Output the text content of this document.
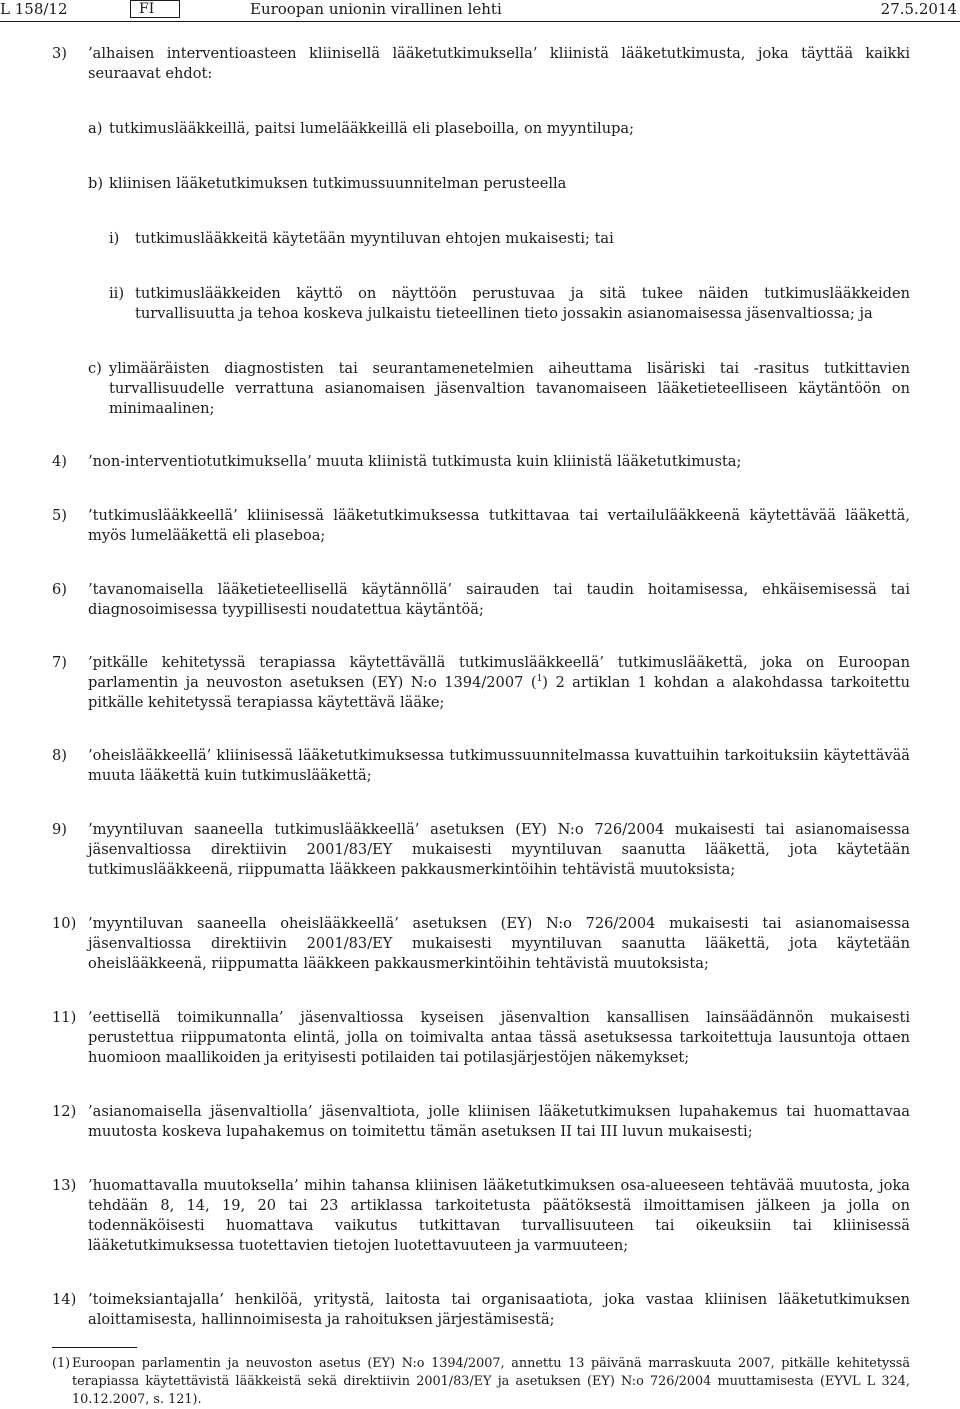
L 158/12	FI	Euroopan unionin virallinen lehti	27.5.2014
3)	’alhaisen interventioasteen kliinisellä lääketutkimuksella’ kliinistä lääketutkimusta, joka täyttää kaikki seuraavat ehdot:
a) tutkimuslääkkeillä, paitsi lumelääkkeillä eli plaseboilla, on myyntilupa;
b) kliinisen lääketutkimuksen tutkimussuunnitelman perusteella
i)	tutkimuslääkkeitä käytetään myyntiluvan ehtojen mukaisesti; tai
ii) tutkimuslääkkeiden käyttö on näyttöön perustuvaa ja sitä tukee näiden tutkimuslääkkeiden turvallisuutta ja tehoa koskeva julkaistu tieteellinen tieto jossakin asianomaisessa jäsenvaltiossa; ja
c) ylimääräisten diagnostisten tai seurantamenetelmien aiheuttama lisäriski tai -rasitus tutkittavien turvallisuudelle verrattuna asianomaisen jäsenvaltion tavanomaiseen lääketieteelliseen käytäntöön on minimaalinen;
4)	’non-interventiotutkimuksella’ muuta kliinistä tutkimusta kuin kliinistä lääketutkimusta;
5)	’tutkimuslääkkeellä’ kliinisessä lääketutkimuksessa tutkittavaa tai vertailulääkkeenä käytettävää lääkettä, myös lumelääkettä eli plaseboa;
6)	’tavanomaisella lääketieteellisellä käytännöllä’ sairauden tai taudin hoitamisessa, ehkäisemisessä tai diagnosoimisessa tyypillisesti noudatettua käytäntöä;
7)	’pitkälle kehitetyssä terapiassa käytettävällä tutkimuslääkkeellä’ tutkimuslääkettä, joka on Euroopan parlamentin ja neuvoston asetuksen (EY) N:o 1394/2007 ($^1$) 2 artiklan 1 kohdan a alakohdassa tarkoitettu pitkälle kehitetyssä terapiassa käytettävä lääke;
8)	’oheislääkkeellä’ kliinisessä lääketutkimuksessa tutkimussuunnitelmassa kuvattuihin tarkoituksiin käytettävää muuta lääkettä kuin tutkimuslääkettä;
9)	’myyntiluvan saaneella tutkimuslääkkeellä’ asetuksen (EY) N:o 726/2004 mukaisesti tai asianomaisessa jäsenvaltiossa direktiivin 2001/83/EY mukaisesti myyntiluvan saanutta lääkettä, jota käytetään tutkimuslääkkeenä, riippumatta lääkkeen pakkausmerkintöihin tehtävistä muutoksista;
10) ’myyntiluvan saaneella oheislääkkeellä’ asetuksen (EY) N:o 726/2004 mukaisesti tai asianomaisessa jäsenvaltiossa direktiivin 2001/83/EY mukaisesti myyntiluvan saanutta lääkettä, jota käytetään oheislääkkeenä, riippumatta lääkkeen pakkausmerkintöihin tehtävistä muutoksista;
11) ’eettisellä toimikunnalla’ jäsenvaltiossa kyseisen jäsenvaltion kansallisen lainsäädännön mukaisesti perustettua riippumatonta elintä, jolla on toimivalta antaa tässä asetuksessa tarkoitettuja lausuntoja ottaen huomioon maallikoiden ja erityisesti potilaiden tai potilasjärjestöjen näkemykset;
12) ’asianomaisella jäsenvaltiolla’ jäsenvaltiota, jolle kliinisen lääketutkimuksen lupahakemus tai huomattavaa muutosta koskeva lupahakemus on toimitettu tämän asetuksen II tai III luvun mukaisesti;
13) ’huomattavalla muutoksella’ mihin tahansa kliinisen lääketutkimuksen osa-alueeseen tehtävää muutosta, joka tehdään 8, 14, 19, 20 tai 23 artiklassa tarkoitetusta päätöksestä ilmoittamisen jälkeen ja jolla on todennäköisesti huomattava vaikutus tutkittavan turvallisuuteen tai oikeuksiin tai kliinisessä lääketutkimuksessa tuotettavien tietojen luotettavuuteen ja varmuuteen;
14) ’toimeksiantajalla’ henkilöä, yritystä, laitosta tai organisaatiota, joka vastaa kliinisen lääketutkimuksen aloittamisesta, hallinnoimisesta ja rahoituksen järjestämisestä;
(1) Euroopan parlamentin ja neuvoston asetus (EY) N:o 1394/2007, annettu 13 päivänä marraskuuta 2007, pitkälle kehitetyssä terapiassa käytettävistä lääkkeistä sekä direktiivin 2001/83/EY ja asetuksen (EY) N:o 726/2004 muuttamisesta (EYVL L 324, 10.12.2007, s. 121).
